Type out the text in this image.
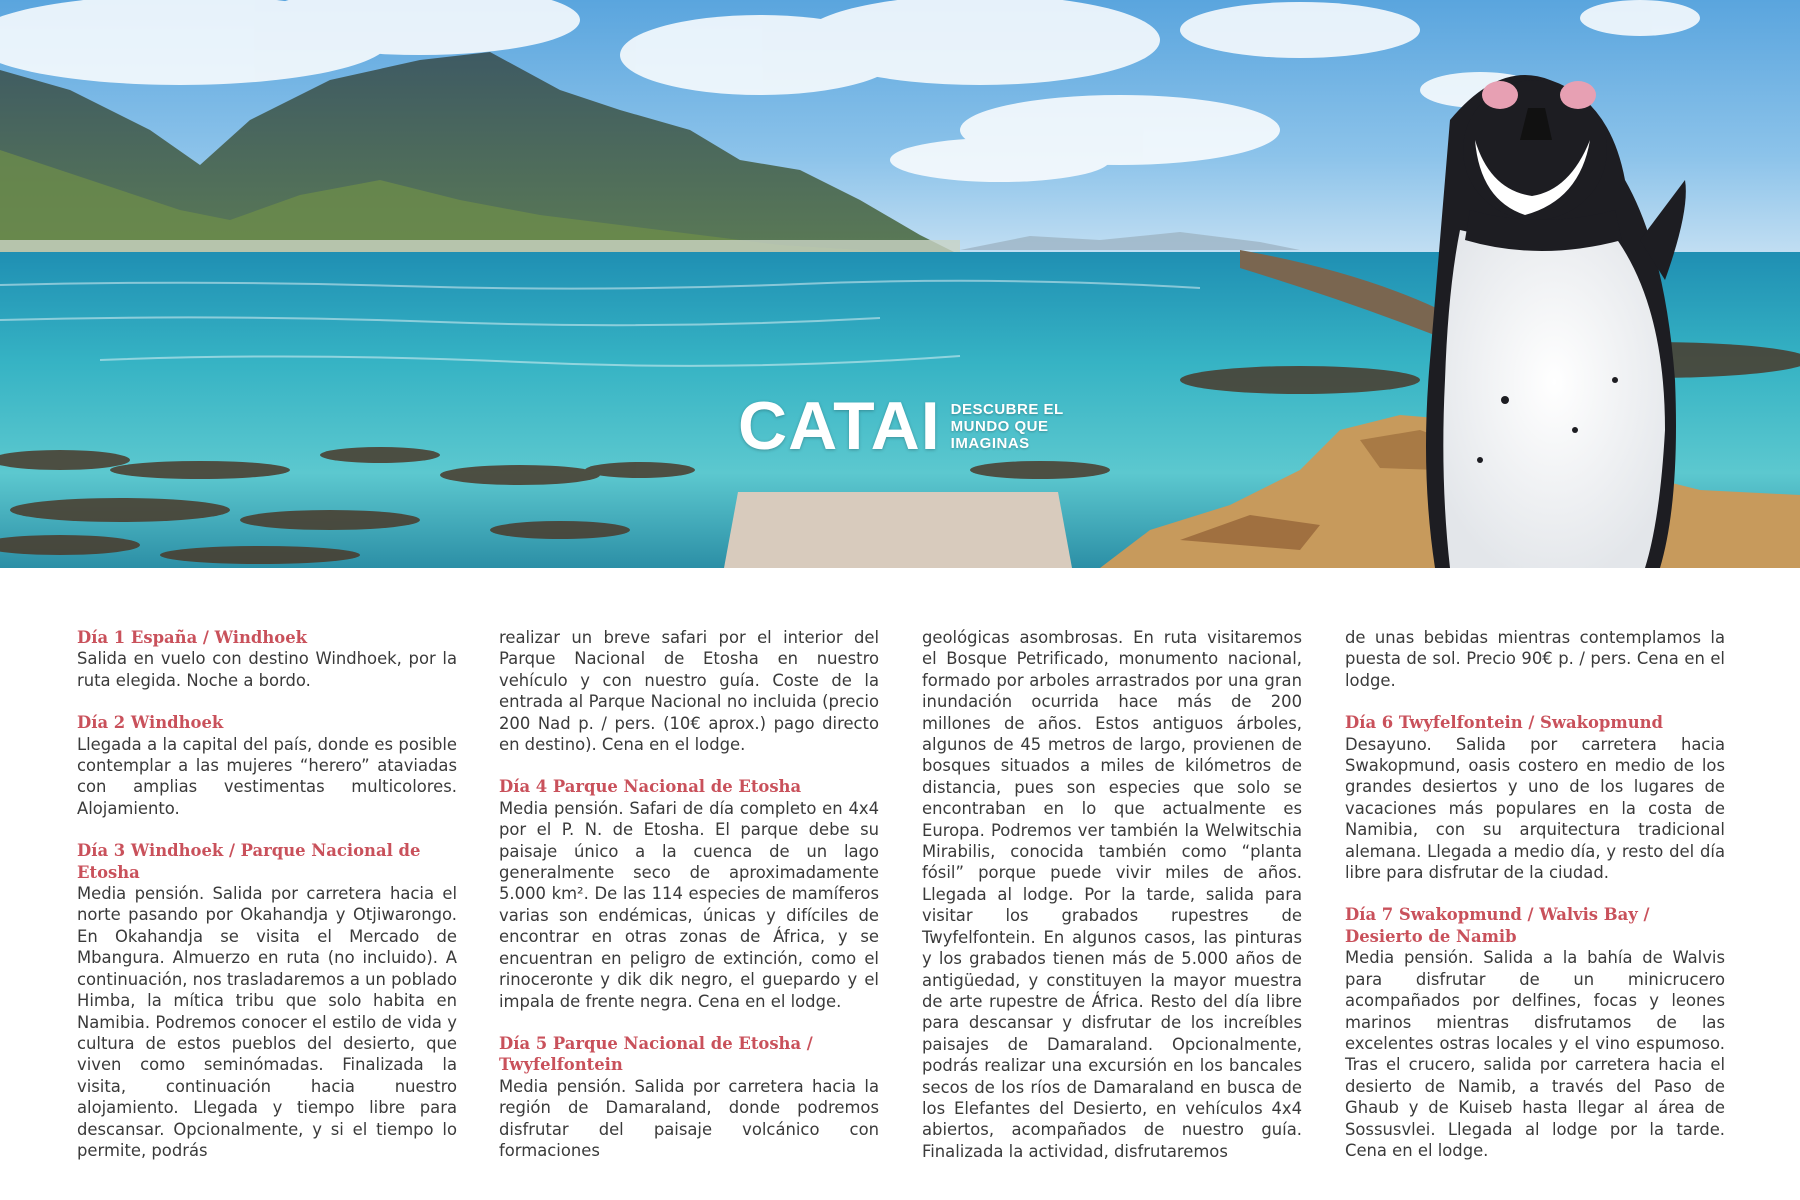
CATAI DESCUBRE EL
MUNDO QUE
IMAGINAS

Día 1 España / Windhoek

Salida en vuelo con destino Windhoek, por la ruta elegida. Noche a bordo.

Día 2 Windhoek

Llegada a la capital del país, donde es posible contemplar a las mujeres “herero” ataviadas con amplias vestimentas multicolores. Alojamiento.

Día 3 Windhoek / Parque Nacional de Etosha

Media pensión. Salida por carretera hacia el norte pasando por Okahandja y Otjiwarongo. En Okahandja se visita el Mercado de Mbangura. Almuerzo en ruta (no incluido). A continuación, nos trasladaremos a un poblado Himba, la mítica tribu que solo habita en Namibia. Podremos conocer el estilo de vida y cultura de estos pueblos del desierto, que viven como seminómadas. Finalizada la visita, continuación hacia nuestro alojamiento. Llegada y tiempo libre para descansar. Opcionalmente, y si el tiempo lo permite, podrás

realizar un breve safari por el interior del Parque Nacional de Etosha en nuestro vehículo y con nuestro guía. Coste de la entrada al Parque Nacional no incluida (precio 200 Nad p. / pers. (10€ aprox.) pago directo en destino). Cena en el lodge.

Día 4 Parque Nacional de Etosha

Media pensión. Safari de día completo en 4x4 por el P. N. de Etosha. El parque debe su paisaje único a la cuenca de un lago generalmente seco de aproximadamente 5.000 km². De las 114 especies de mamíferos varias son endémicas, únicas y difíciles de encontrar en otras zonas de África, y se encuentran en peligro de extinción, como el rinoceronte y dik dik negro, el guepardo y el impala de frente negra. Cena en el lodge.

Día 5 Parque Nacional de Etosha / Twyfelfontein

Media pensión. Salida por carretera hacia la región de Damaraland, donde podremos disfrutar del paisaje volcánico con formaciones

geológicas asombrosas. En ruta visitaremos el Bosque Petrificado, monumento nacional, formado por arboles arrastrados por una gran inundación ocurrida hace más de 200 millones de años. Estos antiguos árboles, algunos de 45 metros de largo, provienen de bosques situados a miles de kilómetros de distancia, pues son especies que solo se encontraban en lo que actualmente es Europa. Podremos ver también la Welwitschia Mirabilis, conocida también como “planta fósil” porque puede vivir miles de años. Llegada al lodge. Por la tarde, salida para visitar los grabados rupestres de Twyfelfontein. En algunos casos, las pinturas y los grabados tienen más de 5.000 años de antigüedad, y constituyen la mayor muestra de arte rupestre de África. Resto del día libre para descansar y disfrutar de los increíbles paisajes de Damaraland. Opcionalmente, podrás realizar una excursión en los bancales secos de los ríos de Damaraland en busca de los Elefantes del Desierto, en vehículos 4x4 abiertos, acompañados de nuestro guía. Finalizada la actividad, disfrutaremos

de unas bebidas mientras contemplamos la puesta de sol. Precio 90€ p. / pers. Cena en el lodge.

Día 6 Twyfelfontein / Swakopmund

Desayuno. Salida por carretera hacia Swakopmund, oasis costero en medio de los grandes desiertos y uno de los lugares de vacaciones más populares en la costa de Namibia, con su arquitectura tradicional alemana. Llegada a medio día, y resto del día libre para disfrutar de la ciudad.

Día 7 Swakopmund / Walvis Bay / Desierto de Namib

Media pensión. Salida a la bahía de Walvis para disfrutar de un minicrucero acompañados por delfines, focas y leones marinos mientras disfrutamos de las excelentes ostras locales y el vino espumoso. Tras el crucero, salida por carretera hacia el desierto de Namib, a través del Paso de Ghaub y de Kuiseb hasta llegar al área de Sossusvlei. Llegada al lodge por la tarde. Cena en el lodge.
